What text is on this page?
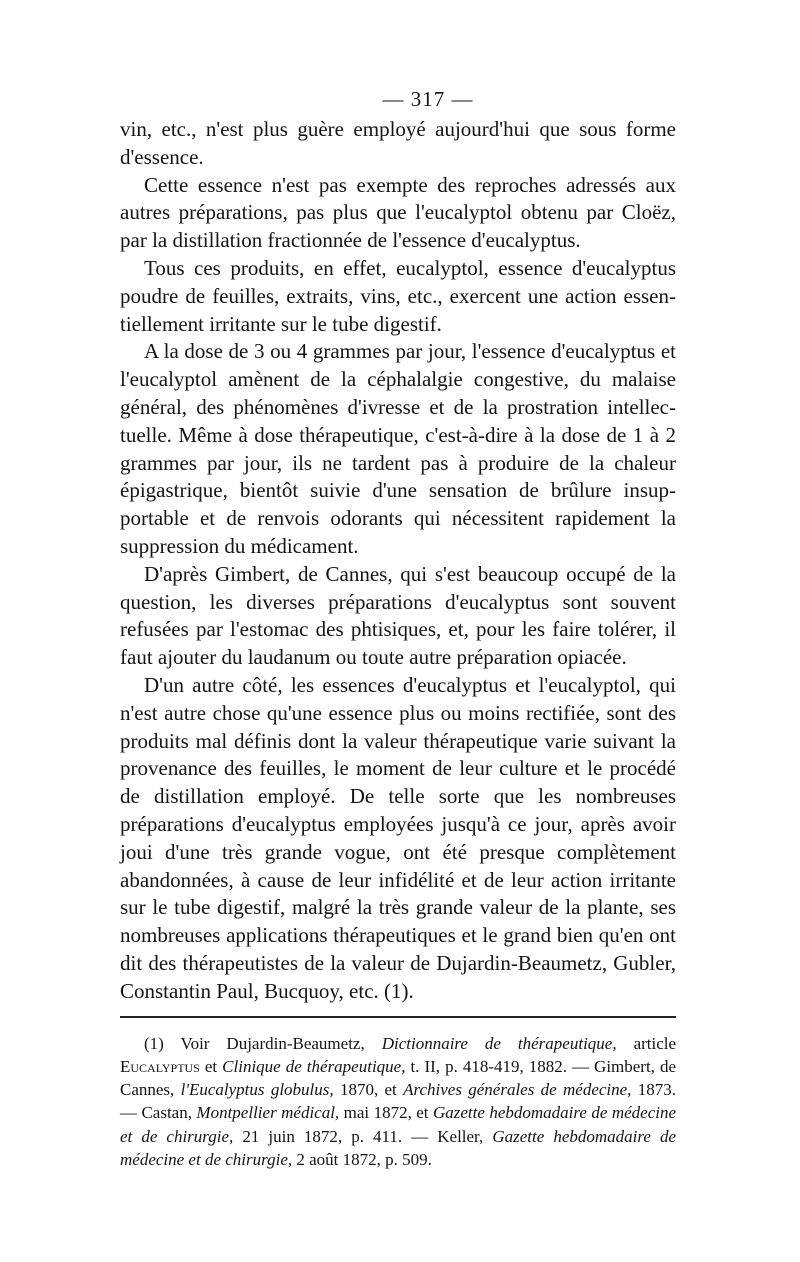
— 317 —

vin, etc., n'est plus guère employé aujourd'hui que sous forme d'essence.

Cette essence n'est pas exempte des reproches adressés aux autres préparations, pas plus que l'eucalyptol obtenu par Cloëz, par la distillation fractionnée de l'essence d'eucalyptus.

Tous ces produits, en effet, eucalyptol, essence d'eucalyptus poudre de feuilles, extraits, vins, etc., exercent une action essentiellement irritante sur le tube digestif.

A la dose de 3 ou 4 grammes par jour, l'essence d'eucalyptus et l'eucalyptol amènent de la céphalalgie congestive, du malaise général, des phénomènes d'ivresse et de la prostration intellectuelle. Même à dose thérapeutique, c'est-à-dire à la dose de 1 à 2 grammes par jour, ils ne tardent pas à produire de la chaleur épigastrique, bientôt suivie d'une sensation de brûlure insupportable et de renvois odorants qui nécessitent rapidement la suppression du médicament.

D'après Gimbert, de Cannes, qui s'est beaucoup occupé de la question, les diverses préparations d'eucalyptus sont souvent refusées par l'estomac des phtisiques, et, pour les faire tolérer, il faut ajouter du laudanum ou toute autre préparation opiacée.

D'un autre côté, les essences d'eucalyptus et l'eucalyptol, qui n'est autre chose qu'une essence plus ou moins rectifiée, sont des produits mal définis dont la valeur thérapeutique varie suivant la provenance des feuilles, le moment de leur culture et le procédé de distillation employé. De telle sorte que les nombreuses préparations d'eucalyptus employées jusqu'à ce jour, après avoir joui d'une très grande vogue, ont été presque complètement abandonnées, à cause de leur infidélité et de leur action irritante sur le tube digestif, malgré la très grande valeur de la plante, ses nombreuses applications thérapeutiques et le grand bien qu'en ont dit des thérapeutistes de la valeur de Dujardin-Beaumetz, Gubler, Constantin Paul, Bucquoy, etc. (1).

(1) Voir Dujardin-Beaumetz, Dictionnaire de thérapeutique, article Eucalyptus et Clinique de thérapeutique, t. II, p. 418-419, 1882. — Gimbert, de Cannes, l'Eucalyptus globulus, 1870, et Archives générales de médecine, 1873. — Castan, Montpellier médical, mai 1872, et Gazette hebdomadaire de médecine et de chirurgie, 21 juin 1872, p. 411. — Keller, Gazette hebdomadaire de médecine et de chirurgie, 2 août 1872, p. 509.
